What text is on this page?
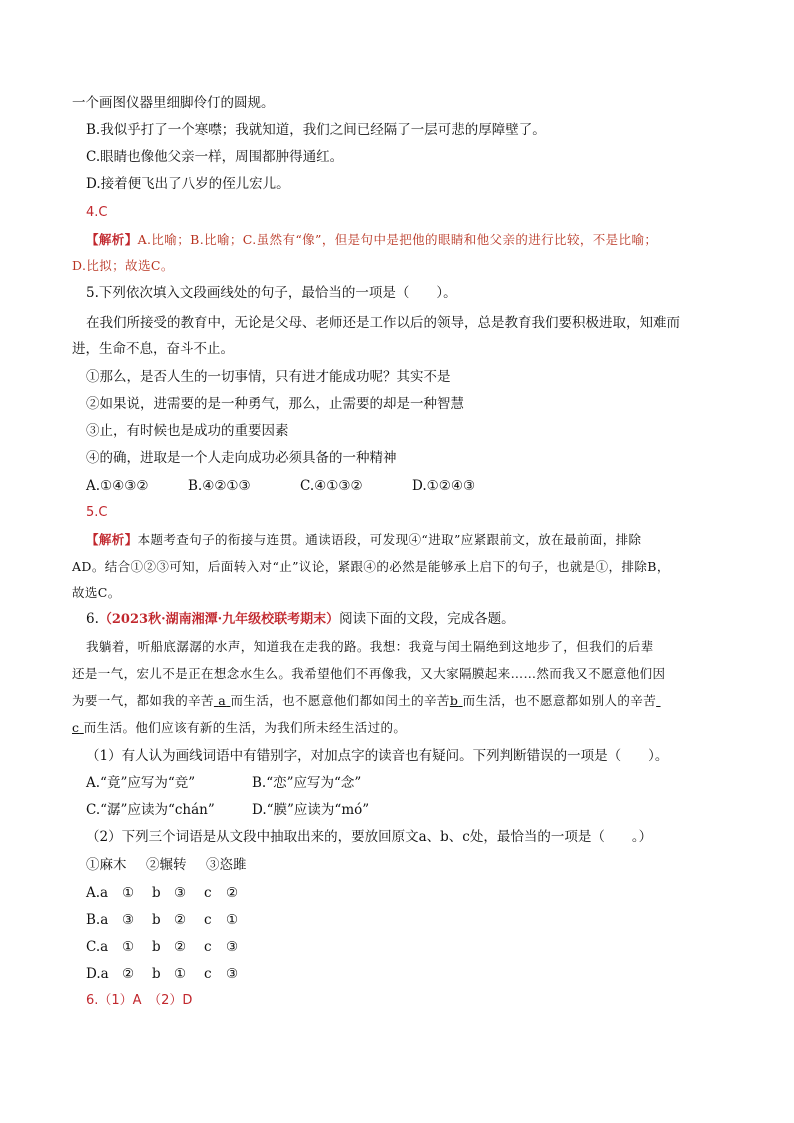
一个画图仪器里细脚伶仃的圆规。
B.我似乎打了一个寒噤；我就知道，我们之间已经隔了一层可悲的厚障壁了。
C.眼睛也像他父亲一样，周围都肿得通红。
D.接着便飞出了八岁的侄儿宏儿。
4.C
【解析】A.比喻；B.比喻；C.虽然有“像”，但是句中是把他的眼睛和他父亲的进行比较，不是比喻；
D.比拟；故选C。
5.下列依次填入文段画线处的句子，最恰当的一项是（　　）。
在我们所接受的教育中，无论是父母、老师还是工作以后的领导，总是教育我们要积极进取，知难而
进，生命不息，奋斗不止。
①那么，是否人生的一切事情，只有进才能成功呢？其实不是
②如果说，进需要的是一种勇气，那么，止需要的却是一种智慧
③止，有时候也是成功的重要因素
④的确，进取是一个人走向成功必须具备的一种精神
A.①④③②	B.④②①③	C.④①③②	D.①②④③
5.C
【解析】本题考查句子的衔接与连贯。通读语段，可发现④“进取”应紧跟前文，放在最前面，排除
AD。结合①②③可知，后面转入对“止”议论，紧跟④的必然是能够承上启下的句子，也就是①，排除B，
故选C。
6.（2023秋·湖南湘潭·九年级校联考期末）阅读下面的文段，完成各题。
我躺着，听船底潺潺的水声，知道我在走我的路。我想：我竟与闰土隔绝到这地步了，但我们的后辈
还是一气，宏儿不是正在想念水生么。我希望他们不再像我，又大家隔膜起来……然而我又不愿意他们因
为要一气，都如我的辛苦 a 而生活，也不愿意他们都如闰土的辛苦b 而生活，也不愿意都如别人的辛苦
c 而生活。他们应该有新的生活，为我们所未经生活过的。
（1）有人认为画线词语中有错别字，对加点字的读音也有疑问。下列判断错误的一项是（　　）。
A.“竟”应写为“竞”	B.“恋”应写为“念”
C.“潺”应读为“chán”	D.“膜”应读为“mó”
（2）下列三个词语是从文段中抽取出来的，要放回原文a、b、c处，最恰当的一项是（　　。）
①麻木 ②辗转 ③恣雎
A.a ① b ③ c ②
B.a ③ b ② c ①
C.a ① b ② c ③
D.a ② b ① c ③
6.（1）A　（2）D
